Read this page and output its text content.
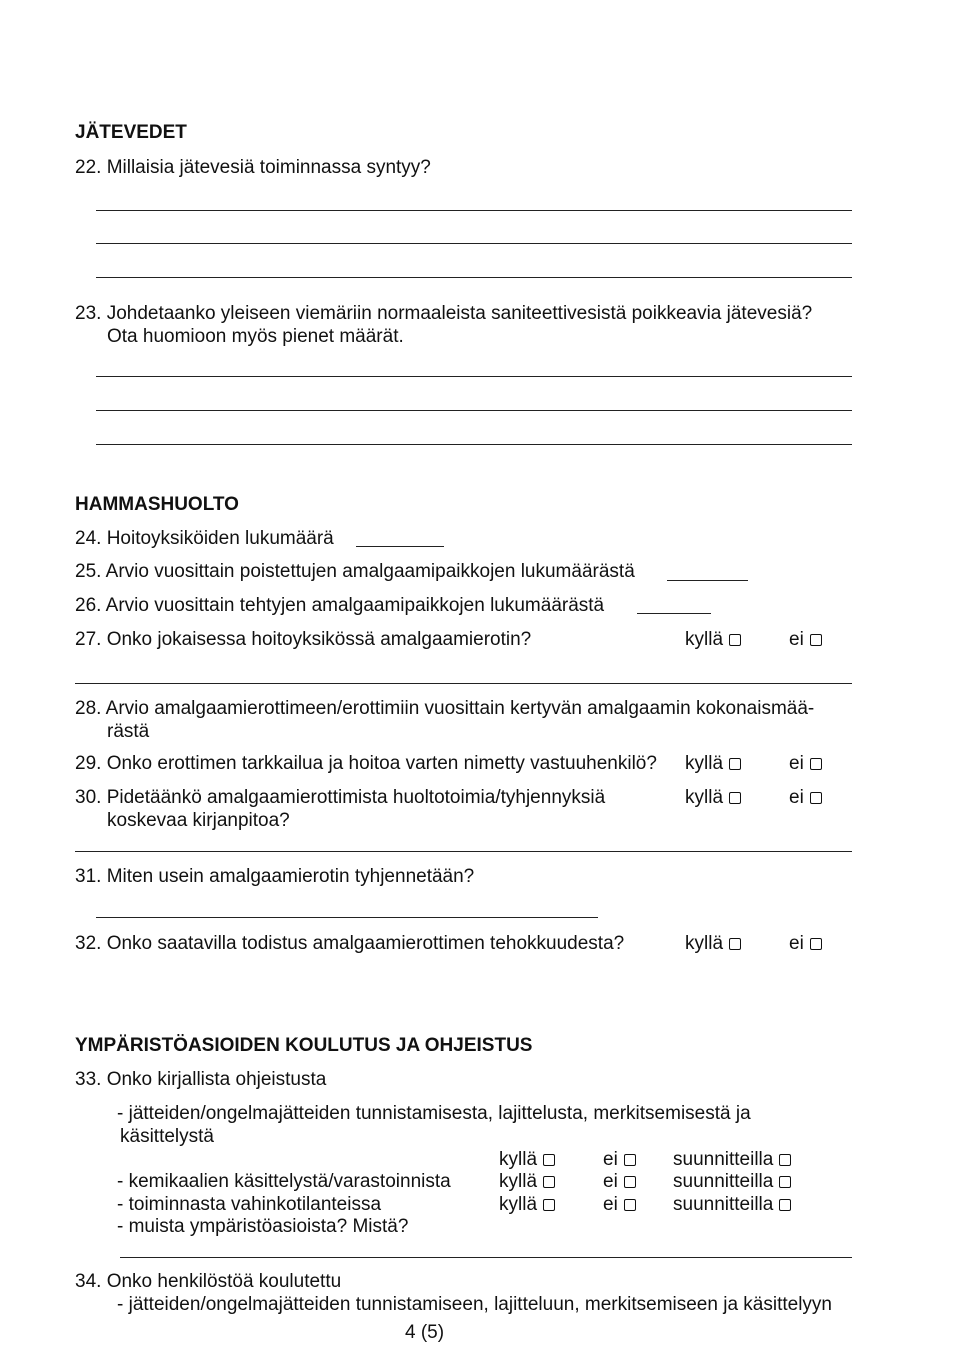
JÄTEVEDET
22. Millaisia jätevesiä toiminnassa syntyy?
23. Johdetaanko yleiseen viemäriin normaaleista saniteettivesistä poikkeavia jätevesiä?
Ota huomioon myös pienet määrät.
HAMMASHUOLTO
24. Hoitoyksiköiden lukumäärä
25. Arvio vuosittain poistettujen amalgaamipaikkojen lukumäärästä
26. Arvio vuosittain tehtyjen amalgaamipaikkojen lukumäärästä
27. Onko jokaisessa hoitoyksikössä amalgaamierotin?	kyllä	ei
28. Arvio amalgaamierottimeen/erottimiin vuosittain kertyvän amalgaamin kokonaismää-
rästä
29. Onko erottimen tarkkailua ja hoitoa varten nimetty vastuuhenkilö? kyllä	ei
30. Pidetäänkö amalgaamierottimista huoltotoimia/tyhjennyksiä
koskevaa kirjanpitoa?
kyllä	ei
31. Miten usein amalgaamierotin tyhjennetään?
32. Onko saatavilla todistus amalgaamierottimen tehokkuudesta?	kyllä	ei
YMPÄRISTÖASIOIDEN KOULUTUS JA OHJEISTUS
33. Onko kirjallista ohjeistusta
- jätteiden/ongelmajätteiden tunnistamisesta, lajittelusta, merkitsemisestä ja
käsittelystä
kyllä	ei	suunnitteilla
- kemikaalien käsittelystä/varastoinnista	kyllä	ei	suunnitteilla
- toiminnasta vahinkotilanteissa	kyllä	ei	suunnitteilla
- muista ympäristöasioista? Mistä?
34. Onko henkilöstöä koulutettu
- jätteiden/ongelmajätteiden tunnistamiseen, lajitteluun, merkitsemiseen ja käsittelyyn
4 (5)
